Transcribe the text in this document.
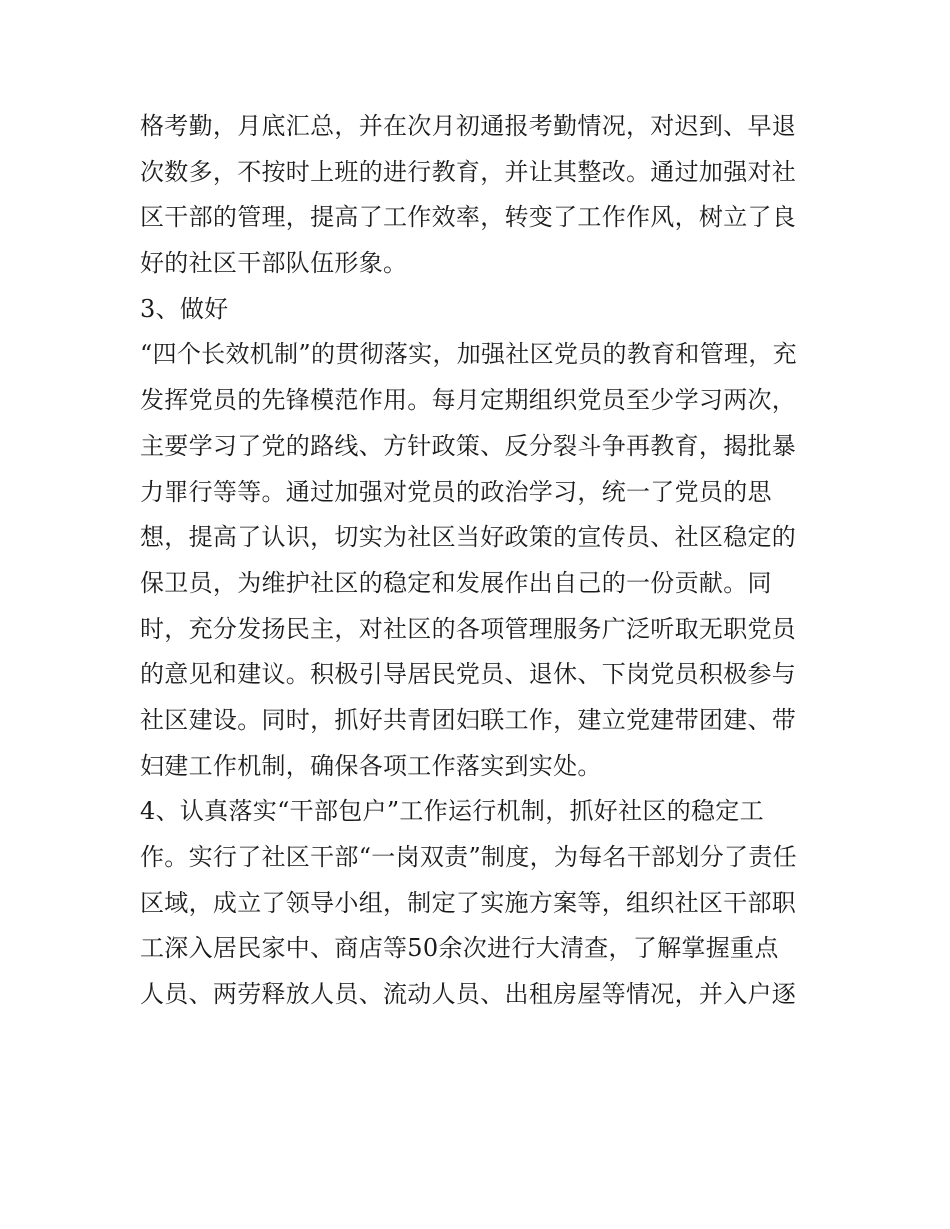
格考勤，月底汇总，并在次月初通报考勤情况，对迟到、早退
次数多，不按时上班的进行教育，并让其整改。通过加强对社
区干部的管理，提高了工作效率，转变了工作作风，树立了良
好的社区干部队伍形象。
3、做好
“四个长效机制”的贯彻落实，加强社区党员的教育和管理，充
发挥党员的先锋模范作用。每月定期组织党员至少学习两次，
主要学习了党的路线、方针政策、反分裂斗争再教育，揭批暴
力罪行等等。通过加强对党员的政治学习，统一了党员的思
想，提高了认识，切实为社区当好政策的宣传员、社区稳定的
保卫员，为维护社区的稳定和发展作出自己的一份贡献。同
时，充分发扬民主，对社区的各项管理服务广泛听取无职党员
的意见和建议。积极引导居民党员、退休、下岗党员积极参与
社区建设。同时，抓好共青团妇联工作，建立党建带团建、带
妇建工作机制，确保各项工作落实到实处。
4、认真落实“干部包户”工作运行机制，抓好社区的稳定工
作。实行了社区干部“一岗双责”制度，为每名干部划分了责任
区域，成立了领导小组，制定了实施方案等，组织社区干部职
工深入居民家中、商店等50余次进行大清查，了解掌握重点
人员、两劳释放人员、流动人员、出租房屋等情况，并入户逐
